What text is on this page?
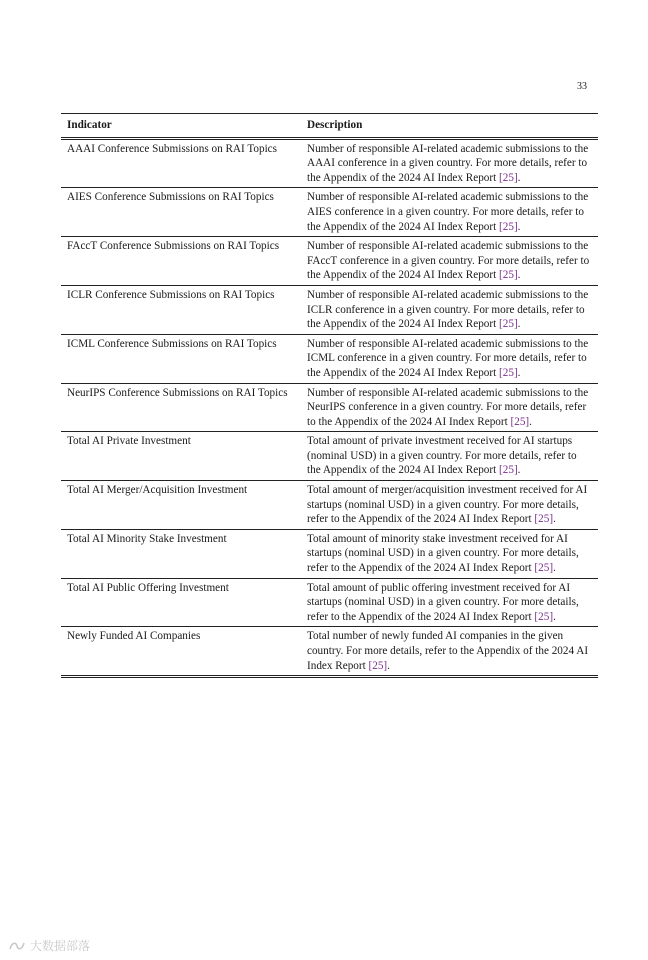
33
Indicator	Description
AAAI Conference Submissions on RAI Topics	Number of responsible AI-related academic submissions to the AAAI conference in a given country. For more details, refer to the Appendix of the 2024 AI Index Report [25].
AIES Conference Submissions on RAI Topics	Number of responsible AI-related academic submissions to the AIES conference in a given country. For more details, refer to the Appendix of the 2024 AI Index Report [25].
FAccT Conference Submissions on RAI Topics	Number of responsible AI-related academic submissions to the FAccT conference in a given country. For more details, refer to the Appendix of the 2024 AI Index Report [25].
ICLR Conference Submissions on RAI Topics	Number of responsible AI-related academic submissions to the ICLR conference in a given country. For more details, refer to the Appendix of the 2024 AI Index Report [25].
ICML Conference Submissions on RAI Topics	Number of responsible AI-related academic submissions to the ICML conference in a given country. For more details, refer to the Appendix of the 2024 AI Index Report [25].
NeurIPS Conference Submissions on RAI Topics	Number of responsible AI-related academic submissions to the NeurIPS conference in a given country. For more details, refer to the Appendix of the 2024 AI Index Report [25].
Total AI Private Investment	Total amount of private investment received for AI startups (nominal USD) in a given country. For more details, refer to the Appendix of the 2024 AI Index Report [25].
Total AI Merger/Acquisition Investment	Total amount of merger/acquisition investment received for AI startups (nominal USD) in a given country. For more details, refer to the Appendix of the 2024 AI Index Report [25].
Total AI Minority Stake Investment	Total amount of minority stake investment received for AI startups (nominal USD) in a given country. For more details, refer to the Appendix of the 2024 AI Index Report [25].
Total AI Public Offering Investment	Total amount of public offering investment received for AI startups (nominal USD) in a given country. For more details, refer to the Appendix of the 2024 AI Index Report [25].
Newly Funded AI Companies	Total number of newly funded AI companies in the given country. For more details, refer to the Appendix of the 2024 AI Index Report [25].
大数据部落
